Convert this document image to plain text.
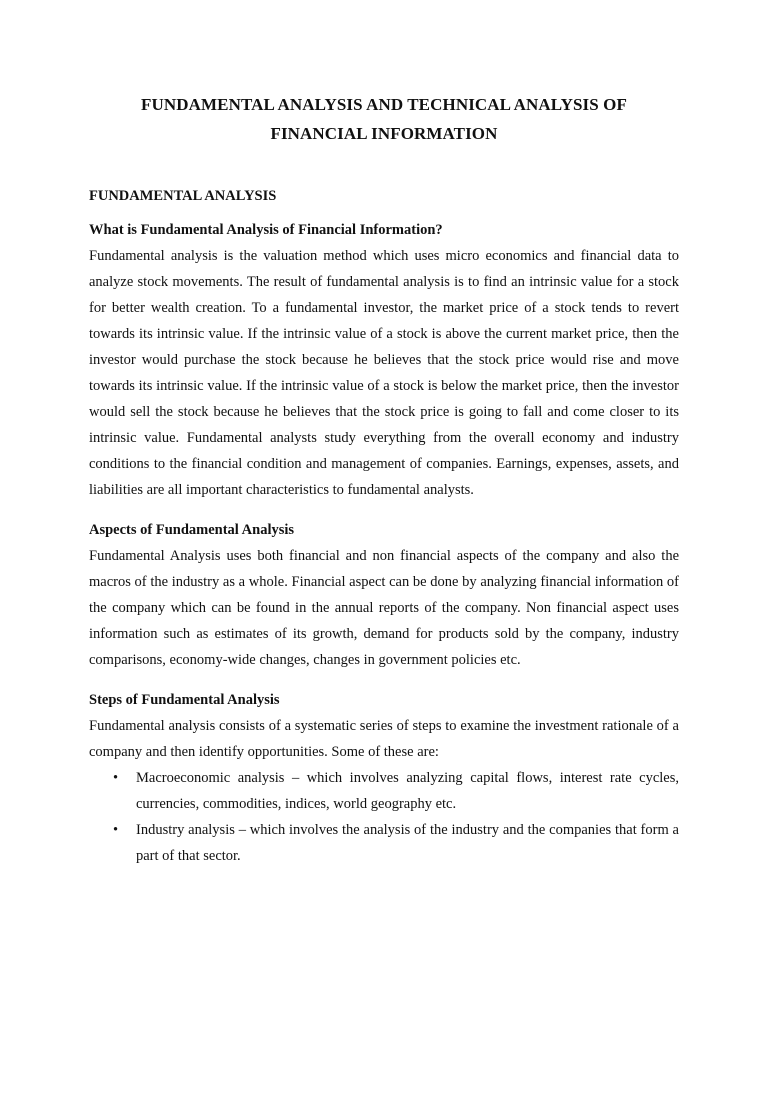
FUNDAMENTAL ANALYSIS AND TECHNICAL ANALYSIS OF
FINANCIAL INFORMATION
FUNDAMENTAL ANALYSIS
What is Fundamental Analysis of Financial Information?

Fundamental analysis is the valuation method which uses micro economics and financial data to analyze stock movements. The result of fundamental analysis is to find an intrinsic value for a stock for better wealth creation. To a fundamental investor, the market price of a stock tends to revert towards its intrinsic value. If the intrinsic value of a stock is above the current market price, then the investor would purchase the stock because he believes that the stock price would rise and move towards its intrinsic value. If the intrinsic value of a stock is below the market price, then the investor would sell the stock because he believes that the stock price is going to fall and come closer to its intrinsic value. Fundamental analysts study everything from the overall economy and industry conditions to the financial condition and management of companies. Earnings, expenses, assets, and liabilities are all important characteristics to fundamental analysts.

Aspects of Fundamental Analysis

Fundamental Analysis uses both financial and non financial aspects of the company and also the macros of the industry as a whole. Financial aspect can be done by analyzing financial information of the company which can be found in the annual reports of the company. Non financial aspect uses information such as estimates of its growth, demand for products sold by the company, industry comparisons, economy-wide changes, changes in government policies etc.

Steps of Fundamental Analysis

Fundamental analysis consists of a systematic series of steps to examine the investment rationale of a company and then identify opportunities. Some of these are:

• Macroeconomic analysis – which involves analyzing capital flows, interest rate cycles, currencies, commodities, indices, world geography etc.
• Industry analysis – which involves the analysis of the industry and the companies that form a part of that sector.
